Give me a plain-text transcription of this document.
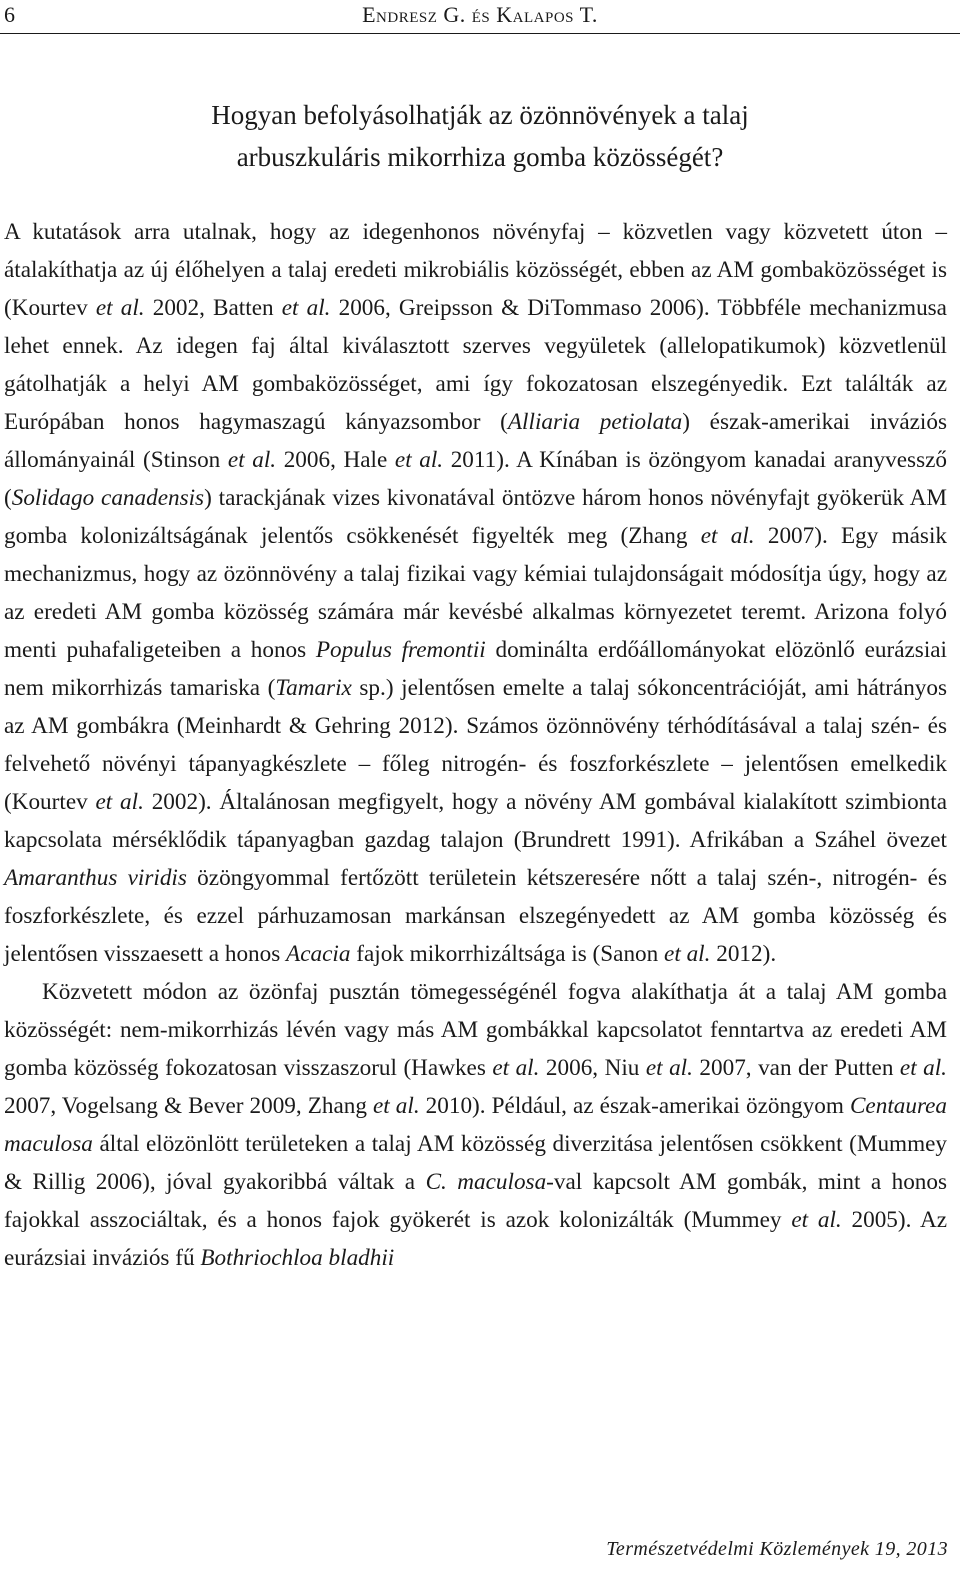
6	Endresz G. és Kalapos T.
Hogyan befolyásolhatják az özönnövények a talaj
arbuszkuláris mikorrhiza gomba közösségét?

A kutatások arra utalnak, hogy az idegenhonos növényfaj – közvetlen vagy közvetett úton – átalakíthatja az új élőhelyen a talaj eredeti mikrobiális közösségét, ebben az AM gombaközösséget is (Kourtev et al. 2002, Batten et al. 2006, Greipsson & DiTommaso 2006). Többféle mechanizmusa lehet ennek. Az idegen faj által kiválasztott szerves vegyületek (allelopatikumok) közvetlenül gátolhatják a helyi AM gombaközösséget, ami így fokozatosan elszegényedik. Ezt találták az Európában honos hagymaszagú kányazsombor (Alliaria petiolata) észak-amerikai inváziós állományainál (Stinson et al. 2006, Hale et al. 2011). A Kínában is özöngyom kanadai aranyvessző (Solidago canadensis) tarackjának vizes kivonatával öntözve három honos növényfajt gyökerük AM gomba kolonizáltságának jelentős csökkenését figyelték meg (Zhang et al. 2007). Egy másik mechanizmus, hogy az özönnövény a talaj fizikai vagy kémiai tulajdonságait módosítja úgy, hogy az az eredeti AM gomba közösség számára már kevésbé alkalmas környezetet teremt. Arizona folyó menti puhafaligeteiben a honos Populus fremontii dominálta erdőállományokat elözönlő eurázsiai nem mikorrhizás tamariska (Tamarix sp.) jelentősen emelte a talaj sókoncentrációját, ami hátrányos az AM gombákra (Meinhardt & Gehring 2012). Számos özönnövény térhódításával a talaj szén- és felvehető növényi tápanyagkészlete – főleg nitrogén- és foszforkészlete – jelentősen emelkedik (Kourtev et al. 2002). Általánosan megfigyelt, hogy a növény AM gombával kialakított szimbionta kapcsolata mérséklődik tápanyagban gazdag talajon (Brundrett 1991). Afrikában a Száhel övezet Amaranthus viridis özöngyommal fertőzött területein kétszeresére nőtt a talaj szén-, nitrogén- és foszforkészlete, és ezzel párhuzamosan markánsan elszegényedett az AM gomba közösség és jelentősen visszaesett a honos Acacia fajok mikorrhizáltsága is (Sanon et al. 2012).

Közvetett módon az özönfaj pusztán tömegességénél fogva alakíthatja át a talaj AM gomba közösségét: nem-mikorrhizás lévén vagy más AM gombákkal kapcsolatot fenntartva az eredeti AM gomba közösség fokozatosan visszaszorul (Hawkes et al. 2006, Niu et al. 2007, van der Putten et al. 2007, Vogelsang & Bever 2009, Zhang et al. 2010). Például, az észak-amerikai özöngyom Centaurea maculosa által elözönlött területeken a talaj AM közösség diverzitása jelentősen csökkent (Mummey & Rillig 2006), jóval gyakoribbá váltak a C. maculosa-val kapcsolt AM gombák, mint a honos fajokkal asszociáltak, és a honos fajok gyökerét is azok kolonizálták (Mummey et al. 2005). Az eurázsiai inváziós fű Bothriochloa bladhii

Természetvédelmi Közlemények 19, 2013
